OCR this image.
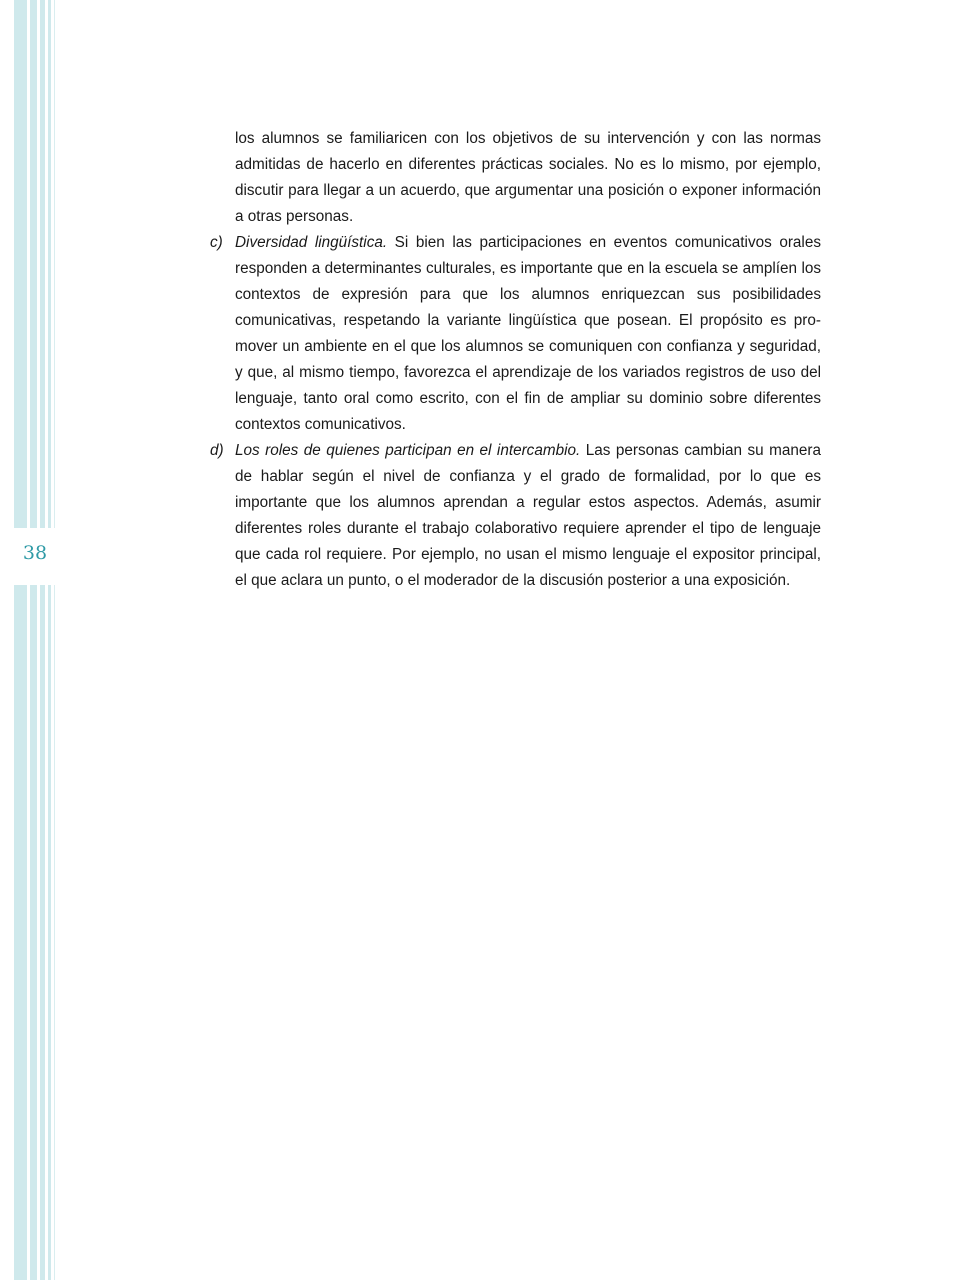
38

los alumnos se familiaricen con los objetivos de su intervención y con las normas admitidas de hacerlo en diferentes prácticas sociales. No es lo mismo, por ejemplo, discutir para llegar a un acuerdo, que argumentar una posición o exponer información a otras personas.

c) Diversidad lingüística. Si bien las participaciones en eventos comunicativos orales responden a determinantes culturales, es importante que en la escuela se amplíen los contextos de expresión para que los alumnos enriquezcan sus posibilidades comunicativas, respetando la variante lingüística que posean. El propósito es promover un ambiente en el que los alumnos se comuniquen con confianza y seguridad, y que, al mismo tiempo, favorezca el aprendizaje de los variados registros de uso del lenguaje, tanto oral como escrito, con el fin de ampliar su dominio sobre diferentes contextos comunicativos.

d) Los roles de quienes participan en el intercambio. Las personas cambian su manera de hablar según el nivel de confianza y el grado de formalidad, por lo que es importante que los alumnos aprendan a regular estos aspectos. Además, asumir diferentes roles durante el trabajo colaborativo requiere aprender el tipo de lenguaje que cada rol requiere. Por ejemplo, no usan el mismo lenguaje el expositor principal, el que aclara un punto, o el moderador de la discusión posterior a una exposición.
